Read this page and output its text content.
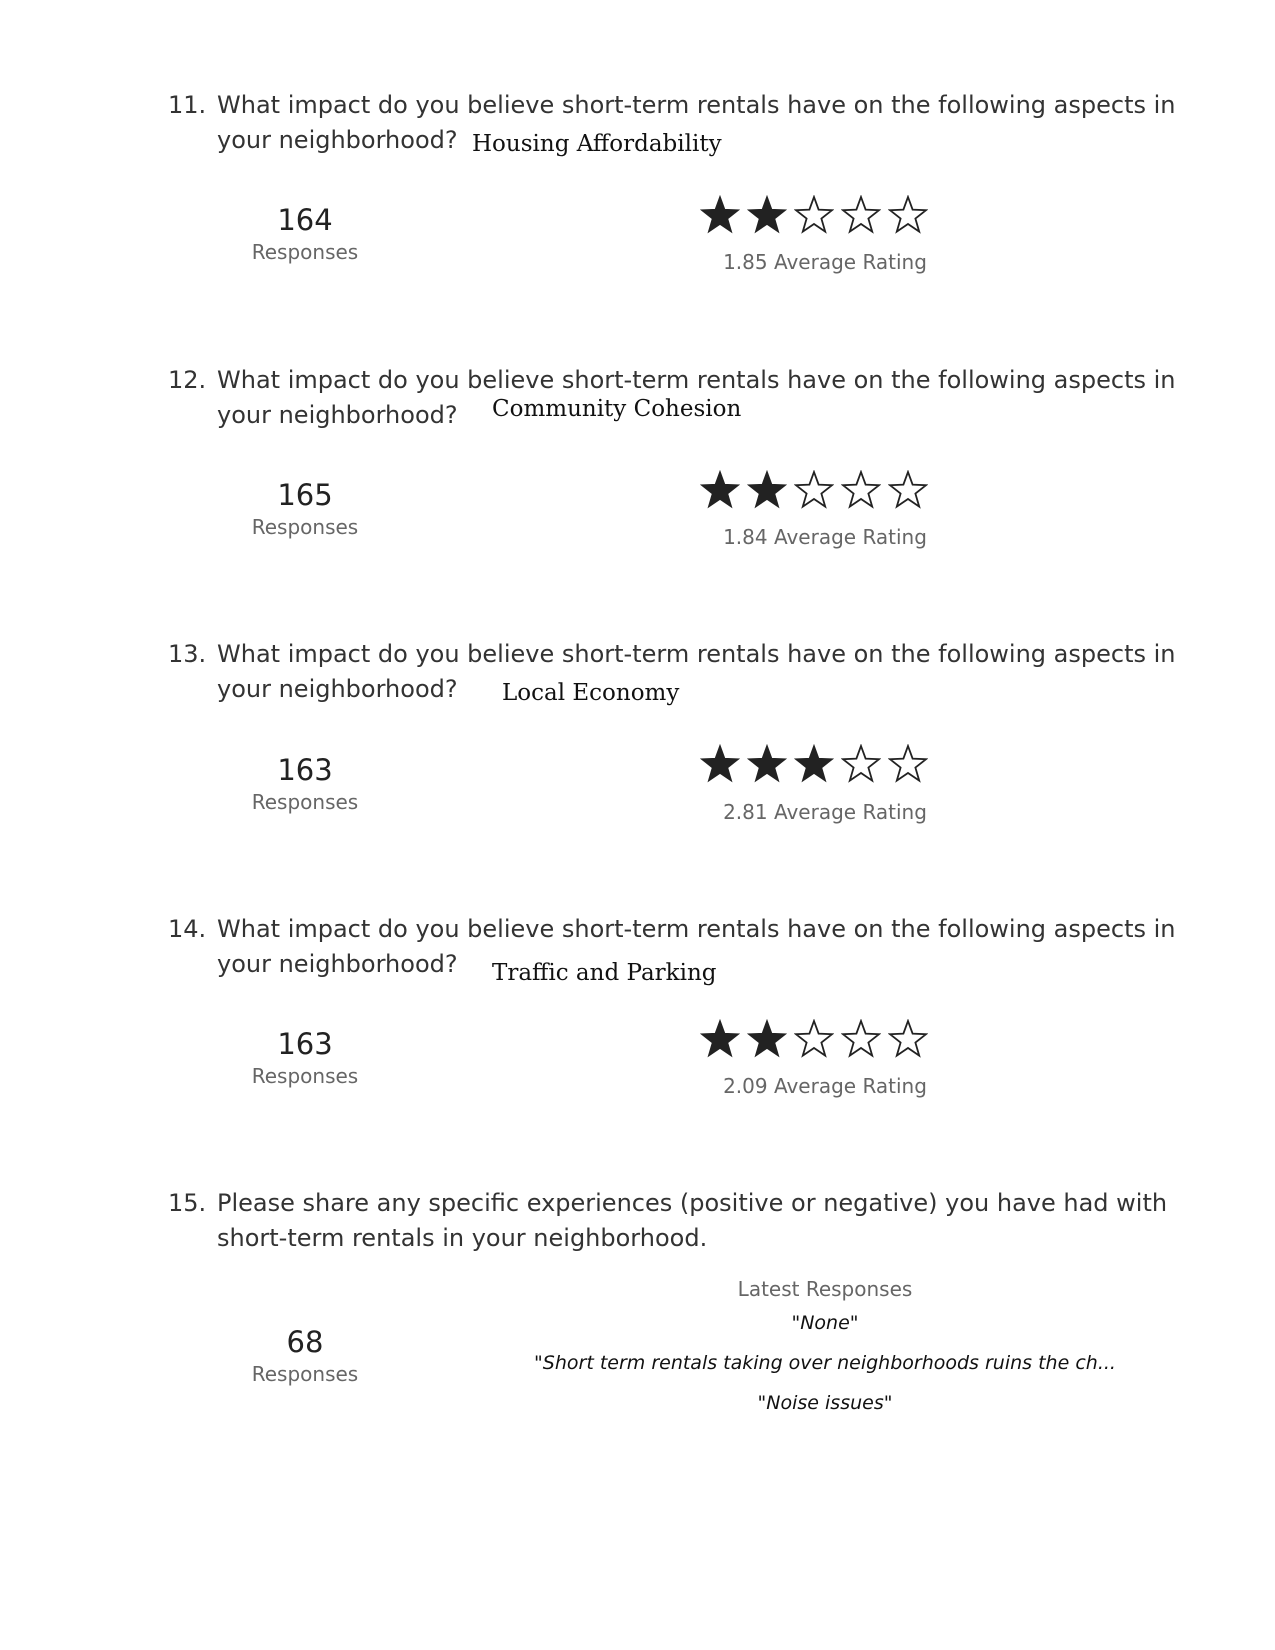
11. What impact do you believe short-term rentals have on the following aspects in
your neighborhood? Housing Affordability
164
Responses	1.85 Average Rating
12. What impact do you believe short-term rentals have on the following aspects in
your neighborhood? Community Cohesion
165
Responses	1.84 Average Rating
13. What impact do you believe short-term rentals have on the following aspects in
your neighborhood? Local Economy
163
Responses	2.81 Average Rating
14. What impact do you believe short-term rentals have on the following aspects in
your neighborhood? Traffic and Parking
163
Responses	2.09 Average Rating
15. Please share any specific experiences (positive or negative) you have had with
short-term rentals in your neighborhood.
Latest Responses
"None"
"Short term rentals taking over neighborhoods ruins the ch...
"Noise issues"
68
Responses
